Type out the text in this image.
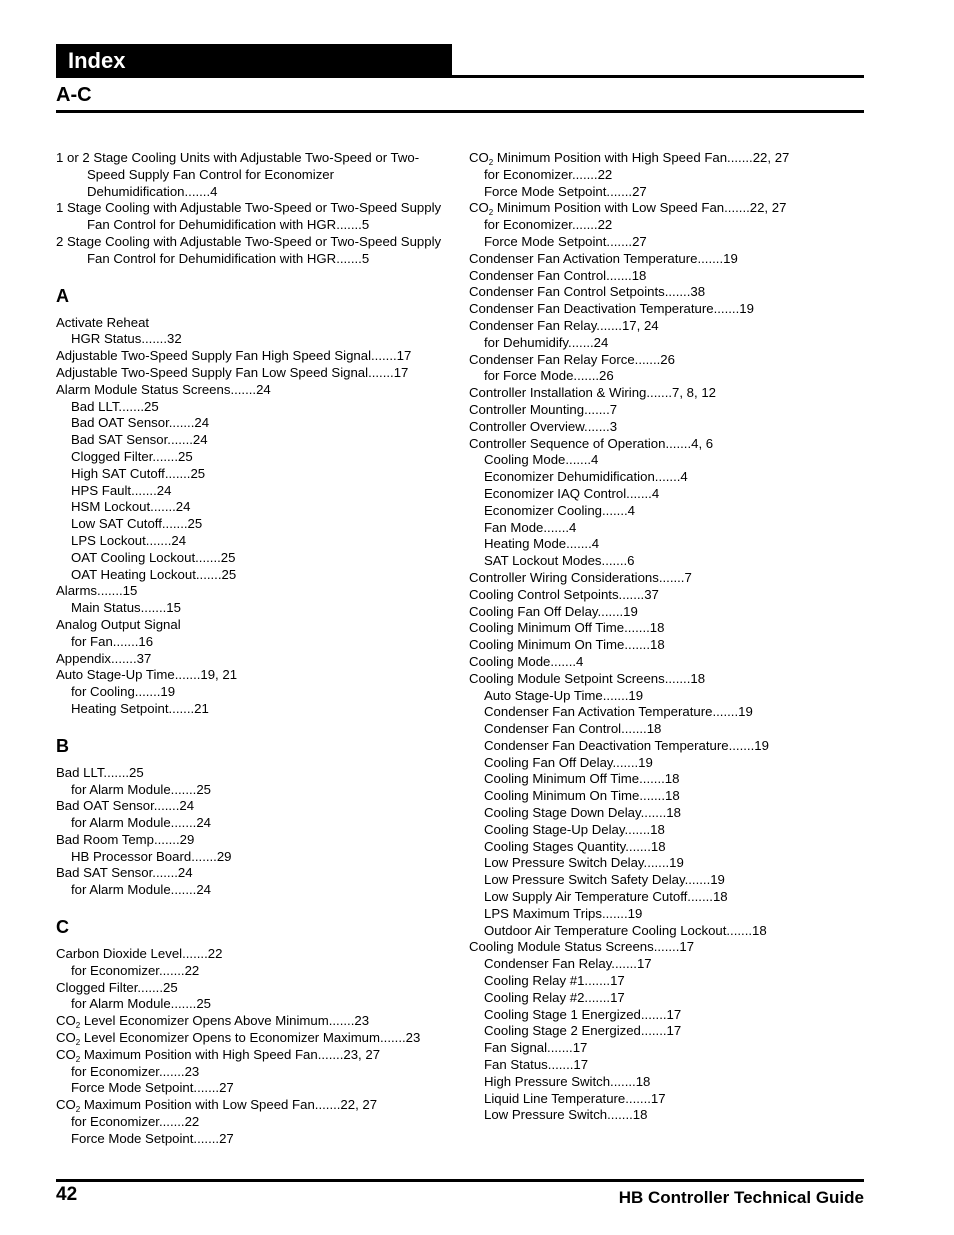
Index
A-C
1 or 2 Stage Cooling Units with Adjustable Two-Speed or Two-Speed Supply Fan Control for Economizer Dehumidification.......4
1 Stage Cooling with Adjustable Two-Speed or Two-Speed Supply Fan Control for Dehumidification with HGR.......5
2 Stage Cooling with Adjustable Two-Speed or Two-Speed Supply Fan Control for Dehumidification with HGR.......5
A
Activate Reheat
HGR Status.......32
Adjustable Two-Speed Supply Fan High Speed Signal.......17
Adjustable Two-Speed Supply Fan Low Speed Signal.......17
Alarm Module Status Screens.......24
Bad LLT.......25
Bad OAT Sensor.......24
Bad SAT Sensor.......24
Clogged Filter.......25
High SAT Cutoff.......25
HPS Fault.......24
HSM Lockout.......24
Low SAT Cutoff.......25
LPS Lockout.......24
OAT Cooling Lockout.......25
OAT Heating Lockout.......25
Alarms.......15
Main Status.......15
Analog Output Signal
for Fan.......16
Appendix.......37
Auto Stage-Up Time.......19, 21
for Cooling.......19
Heating Setpoint.......21
B
Bad LLT.......25
for Alarm Module.......25
Bad OAT Sensor.......24
for Alarm Module.......24
Bad Room Temp.......29
HB Processor Board.......29
Bad SAT Sensor.......24
for Alarm Module.......24
C
Carbon Dioxide Level.......22
for Economizer.......22
Clogged Filter.......25
for Alarm Module.......25
$CO_2$ Level Economizer Opens Above Minimum.......23
$CO_2$ Level Economizer Opens to Economizer Maximum.......23
$CO_2$ Maximum Position with High Speed Fan.......23, 27
for Economizer.......23
Force Mode Setpoint.......27
$CO_2$ Maximum Position with Low Speed Fan.......22, 27
for Economizer.......22
Force Mode Setpoint.......27
$CO_2$ Minimum Position with High Speed Fan.......22, 27
for Economizer.......22
Force Mode Setpoint.......27
$CO_2$ Minimum Position with Low Speed Fan.......22, 27
for Economizer.......22
Force Mode Setpoint.......27
Condenser Fan Activation Temperature.......19
Condenser Fan Control.......18
Condenser Fan Control Setpoints.......38
Condenser Fan Deactivation Temperature.......19
Condenser Fan Relay.......17, 24
for Dehumidify.......24
Condenser Fan Relay Force.......26
for Force Mode.......26
Controller Installation & Wiring.......7, 8, 12
Controller Mounting.......7
Controller Overview.......3
Controller Sequence of Operation.......4, 6
Cooling Mode.......4
Economizer Dehumidification.......4
Economizer IAQ Control.......4
Economizer Cooling.......4
Fan Mode.......4
Heating Mode.......4
SAT Lockout Modes.......6
Controller Wiring Considerations.......7
Cooling Control Setpoints.......37
Cooling Fan Off Delay.......19
Cooling Minimum Off Time.......18
Cooling Minimum On Time.......18
Cooling Mode.......4
Cooling Module Setpoint Screens.......18
Auto Stage-Up Time.......19
Condenser Fan Activation Temperature.......19
Condenser Fan Control.......18
Condenser Fan Deactivation Temperature.......19
Cooling Fan Off Delay.......19
Cooling Minimum Off Time.......18
Cooling Minimum On Time.......18
Cooling Stage Down Delay.......18
Cooling Stage-Up Delay.......18
Cooling Stages Quantity.......18
Low Pressure Switch Delay.......19
Low Pressure Switch Safety Delay.......19
Low Supply Air Temperature Cutoff.......18
LPS Maximum Trips.......19
Outdoor Air Temperature Cooling Lockout.......18
Cooling Module Status Screens.......17
Condenser Fan Relay.......17
Cooling Relay #1.......17
Cooling Relay #2.......17
Cooling Stage 1 Energized.......17
Cooling Stage 2 Energized.......17
Fan Signal.......17
Fan Status.......17
High Pressure Switch.......18
Liquid Line Temperature.......17
Low Pressure Switch.......18
42	HB Controller Technical Guide
